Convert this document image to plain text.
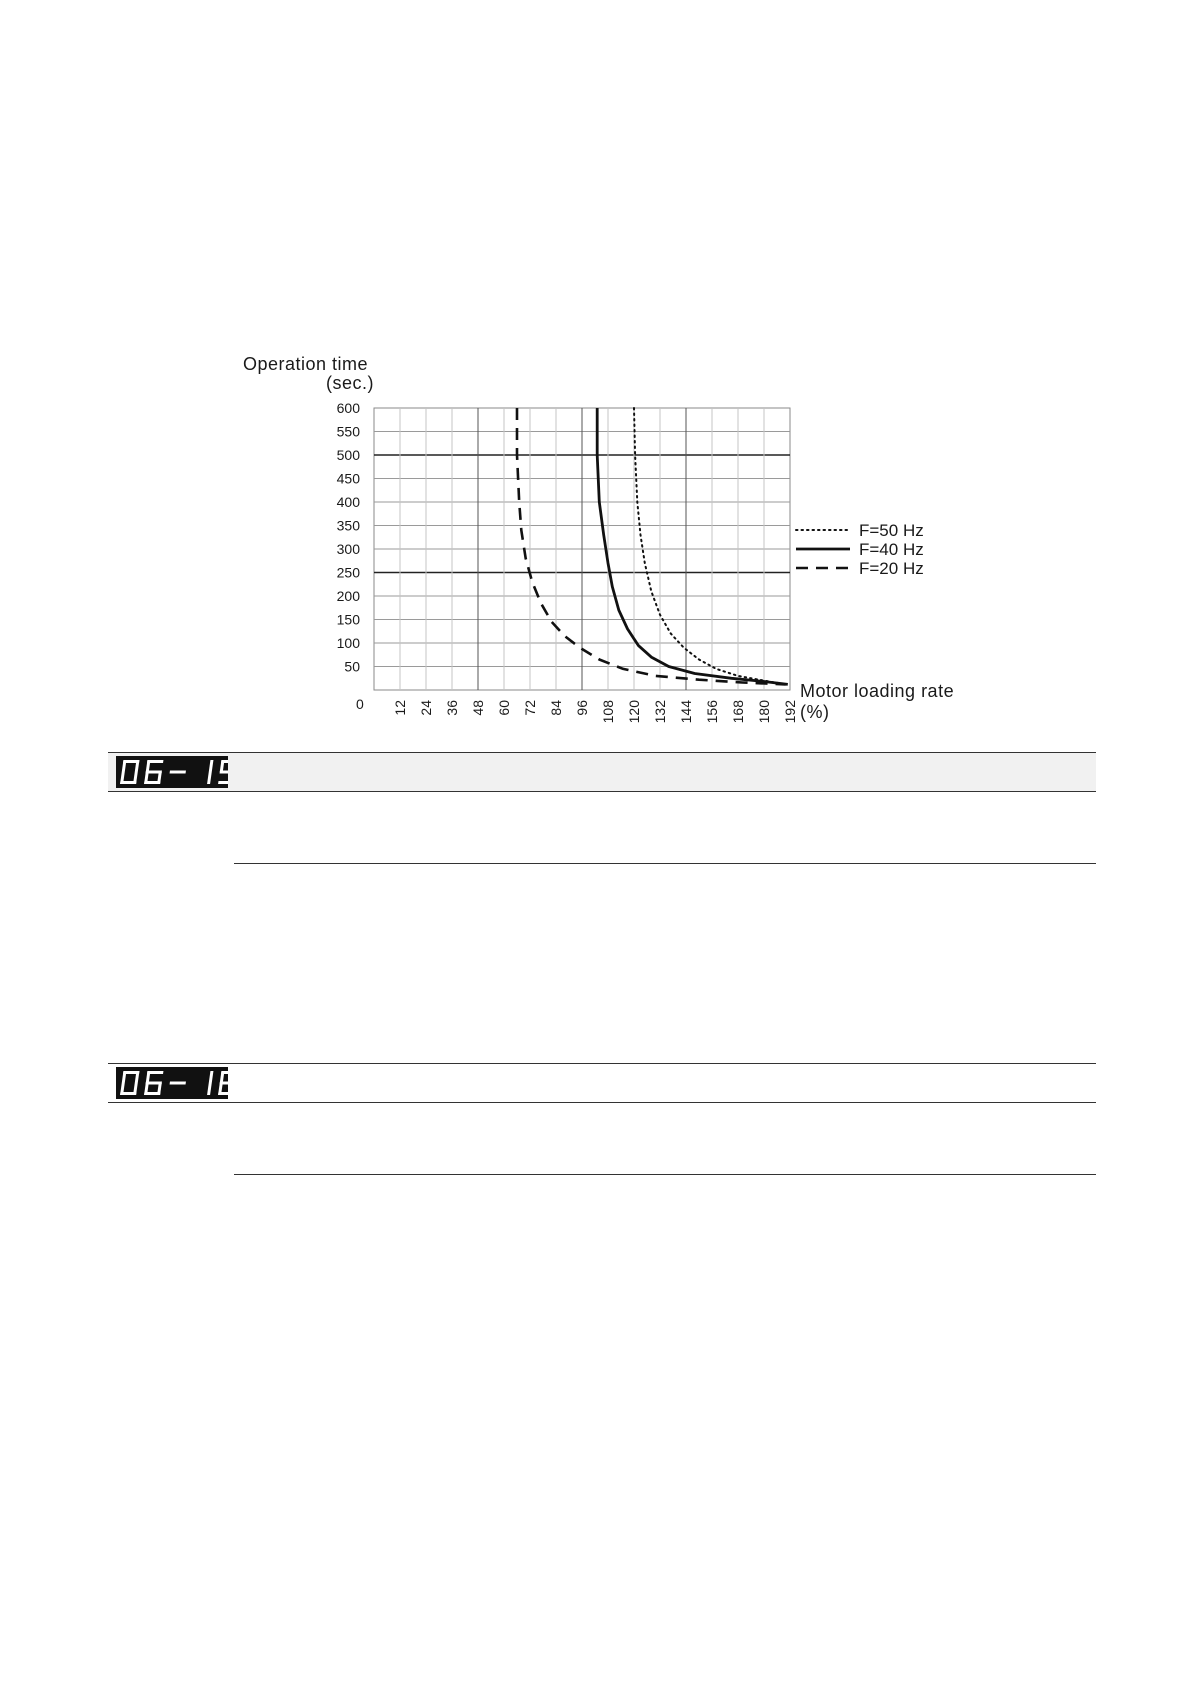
600
550
500
450
400
350
300
250
200
150
100
50
12 24 36 48 60 72 84 96 108 120 132 144 156 168 180 192
Operation time
(sec.)
Motor loading rate
(%)
0
F=50 Hz
F=40 Hz
F=20 Hz
